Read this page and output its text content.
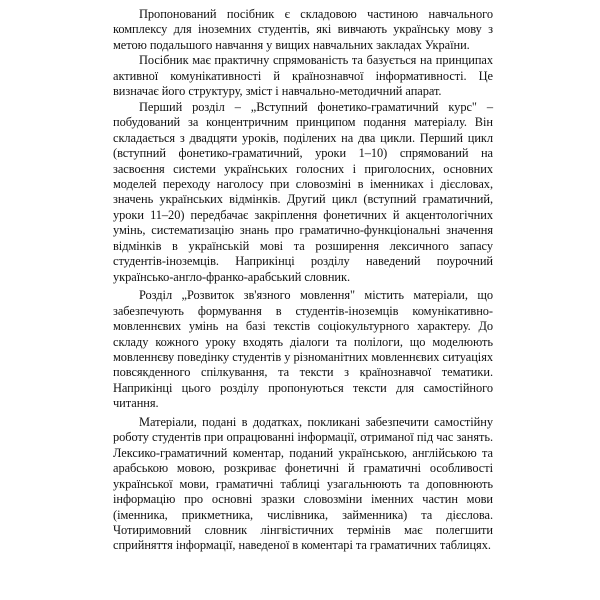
Пропонований посібник є складовою частиною навчального комплексу для іноземних студентів, які вивчають українську мову з метою подальшого навчання у вищих навчальних закладах України.

Посібник має практичну спрямованість та базується на принципах активної комунікативності й країнознавчої інформативності. Це визначає його структуру, зміст і навчально-методичний апарат.

Перший розділ – „Вступний фонетико-граматичний курс" – побудований за концентричним принципом подання матеріалу. Він складається з двадцяти уроків, поділених на два цикли. Перший цикл (вступний фонетико-граматичний, уроки 1–10) спрямований на засвоєння системи українських голосних і приголосних, основних моделей переходу наголосу при словозміні в іменниках і дієсловах, значень українських відмінків. Другий цикл (вступний граматичний, уроки 11–20) передбачає закріплення фонетичних й акцентологічних умінь, систематизацію знань про граматично-функціональні значення відмінків в українській мові та розширення лексичного запасу студентів-іноземців. Наприкінці розділу наведений поурочний українсько-англо-франко-арабський словник.

Розділ „Розвиток зв'язного мовлення" містить матеріали, що забезпечують формування в студентів-іноземців комунікативно-мовленнєвих умінь на базі текстів соціокультурного характеру. До складу кожного уроку входять діалоги та полілоги, що моделюють мовленнєву поведінку студентів у різноманітних мовленнєвих ситуаціях повсякденного спілкування, та тексти з країнознавчої тематики. Наприкінці цього розділу пропонуються тексти для самостійного читання.

Матеріали, подані в додатках, покликані забезпечити самостійну роботу студентів при опрацюванні інформації, отриманої під час занять. Лексико-граматичний коментар, поданий українською, англійською та арабською мовою, розкриває фонетичні й граматичні особливості української мови, граматичні таблиці узагальнюють та доповнюють інформацію про основні зразки словозміни іменних частин мови (іменника, прикметника, числівника, займенника) та дієслова. Чотиримовний словник лінгвістичних термінів має полегшити сприйняття інформації, наведеної в коментарі та граматичних таблицях.
